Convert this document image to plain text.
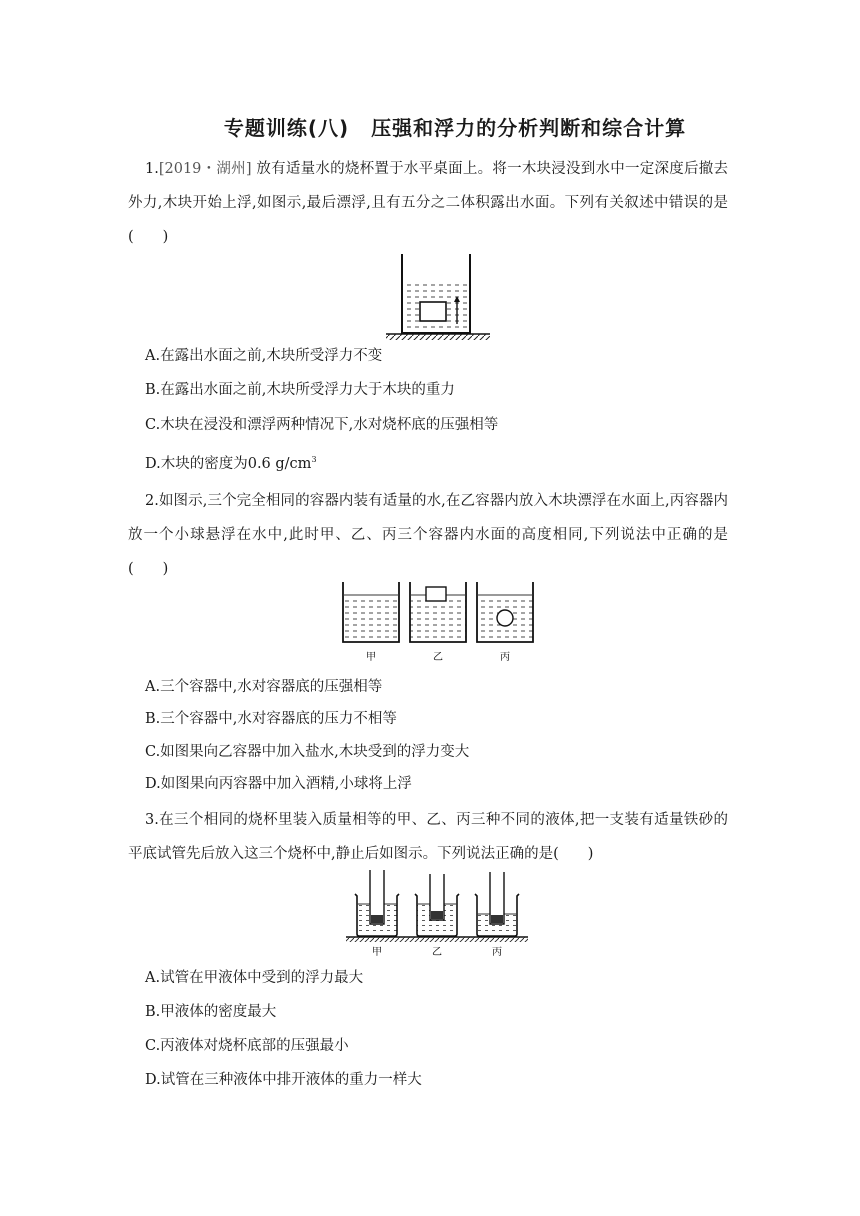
专题训练(八) 压强和浮力的分析判断和综合计算
1.[2019・湖州] 放有适量水的烧杯置于水平桌面上。将一木块浸没到水中一定深度后撤去外力,木块开始上浮,如图示,最后漂浮,且有五分之二体积露出水面。下列有关叙述中错误的是(　　)
A.在露出水面之前,木块所受浮力不变
B.在露出水面之前,木块所受浮力大于木块的重力
C.木块在浸没和漂浮两种情况下,水对烧杯底的压强相等
D.木块的密度为0.6 $g/cm^3$
2.如图示,三个完全相同的容器内装有适量的水,在乙容器内放入木块漂浮在水面上,丙容器内放一个小球悬浮在水中,此时甲、乙、丙三个容器内水面的高度相同,下列说法中正确的是(　　)
甲	乙	丙
A.三个容器中,水对容器底的压强相等
B.三个容器中,水对容器底的压力不相等
C.如图果向乙容器中加入盐水,木块受到的浮力变大
D.如图果向丙容器中加入酒精,小球将上浮
3.在三个相同的烧杯里装入质量相等的甲、乙、丙三种不同的液体,把一支装有适量铁砂的平底试管先后放入这三个烧杯中,静止后如图示。下列说法正确的是(　　)
甲	乙	丙
A.试管在甲液体中受到的浮力最大
B.甲液体的密度最大
C.丙液体对烧杯底部的压强最小
D.试管在三种液体中排开液体的重力一样大
